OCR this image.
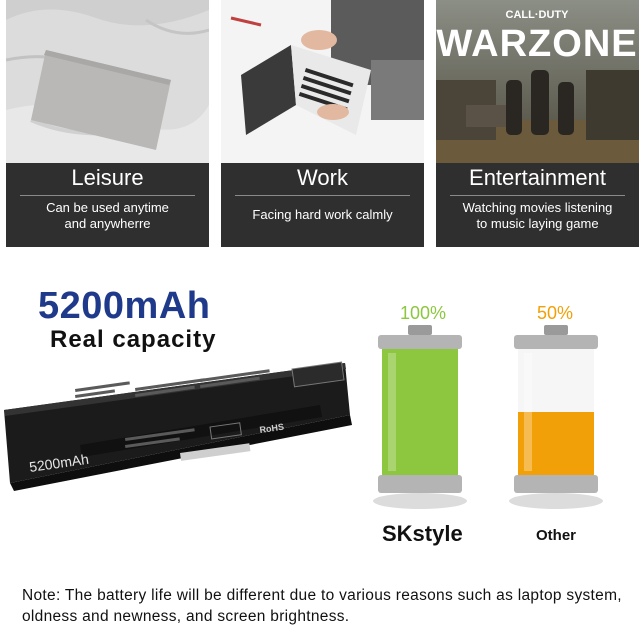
Leisure
Can be used anytime
and anywherre
Work
Facing hard work calmly
CALL·DUTY
WARZONE
Entertainment
Watching movies listening
to music laying game
5200mAh
Real capacity
5200mAh
RoHS
100%	50%
SKstyle	Other
Note: The battery life will be different due to various reasons such as laptop system, oldness and newness, and screen brightness.
